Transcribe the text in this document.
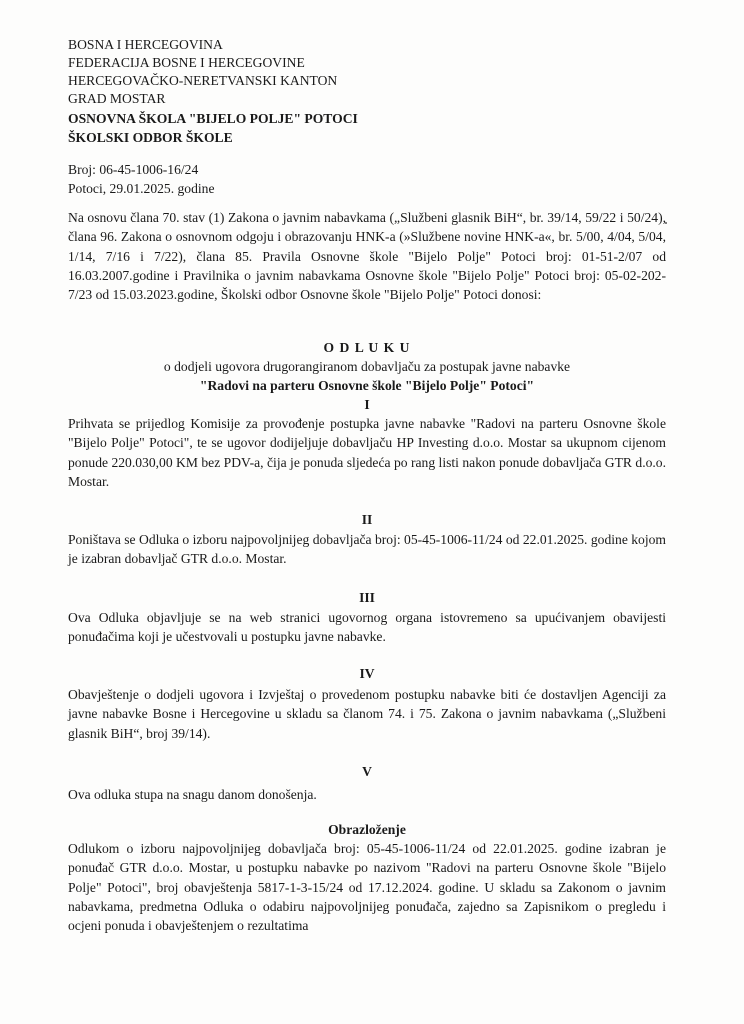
BOSNA I HERCEGOVINA
FEDERACIJA BOSNE I HERCEGOVINE
HERCEGOVAČKO-NERETVANSKI KANTON
GRAD MOSTAR
OSNOVNA ŠKOLA "BIJELO POLJE" POTOCI
ŠKOLSKI ODBOR ŠKOLE
Broj: 06-45-1006-16/24
Potoci, 29.01.2025. godine
Na osnovu člana 70. stav (1) Zakona o javnim nabavkama („Službeni glasnik BiH“, br. 39/14, 59/22 i 50/24), člana 96. Zakona o osnovnom odgoju i obrazovanju HNK-a (»Službene novine HNK-a«, br. 5/00, 4/04, 5/04, 1/14, 7/16 i 7/22), člana 85. Pravila Osnovne škole "Bijelo Polje" Potoci broj: 01-51-2/07 od 16.03.2007.godine i Pravilnika o javnim nabavkama Osnovne škole "Bijelo Polje" Potoci broj: 05-02-202-7/23 od 15.03.2023.godine, Školski odbor Osnovne škole "Bijelo Polje" Potoci donosi:
O D L U K U
o dodjeli ugovora drugorangiranom dobavljaču za postupak javne nabavke
"Radovi na parteru Osnovne škole "Bijelo Polje" Potoci"
I
Prihvata se prijedlog Komisije za provođenje postupka javne nabavke "Radovi na parteru Osnovne škole "Bijelo Polje" Potoci", te se ugovor dodijeljuje dobavljaču HP Investing d.o.o. Mostar sa ukupnom cijenom ponude 220.030,00 KM bez PDV-a, čija je ponuda sljedeća po rang listi nakon ponude dobavljača GTR d.o.o. Mostar.
II
Poništava se Odluka o izboru najpovoljnijeg dobavljača broj: 05-45-1006-11/24 od 22.01.2025. godine kojom je izabran dobavljač GTR d.o.o. Mostar.
III
Ova Odluka objavljuje se na web stranici ugovornog organa istovremeno sa upućivanjem obavijesti ponuđačima koji je učestvovali u postupku javne nabavke.
IV
Obavještenje o dodjeli ugovora i Izvještaj o provedenom postupku nabavke biti će dostavljen Agenciji za javne nabavke Bosne i Hercegovine u skladu sa članom 74. i 75. Zakona o javnim nabavkama („Službeni glasnik BiH“, broj 39/14).
V
Ova odluka stupa na snagu danom donošenja.
Obrazloženje
Odlukom o izboru najpovoljnijeg dobavljača broj: 05-45-1006-11/24 od 22.01.2025. godine izabran je ponuđač GTR d.o.o. Mostar, u postupku nabavke po nazivom "Radovi na parteru Osnovne škole "Bijelo Polje" Potoci", broj obavještenja 5817-1-3-15/24 od 17.12.2024. godine. U skladu sa Zakonom o javnim nabavkama, predmetna Odluka o odabiru najpovoljnijeg ponuđača, zajedno sa Zapisnikom o pregledu i ocjeni ponuda i obavještenjem o rezultatima
